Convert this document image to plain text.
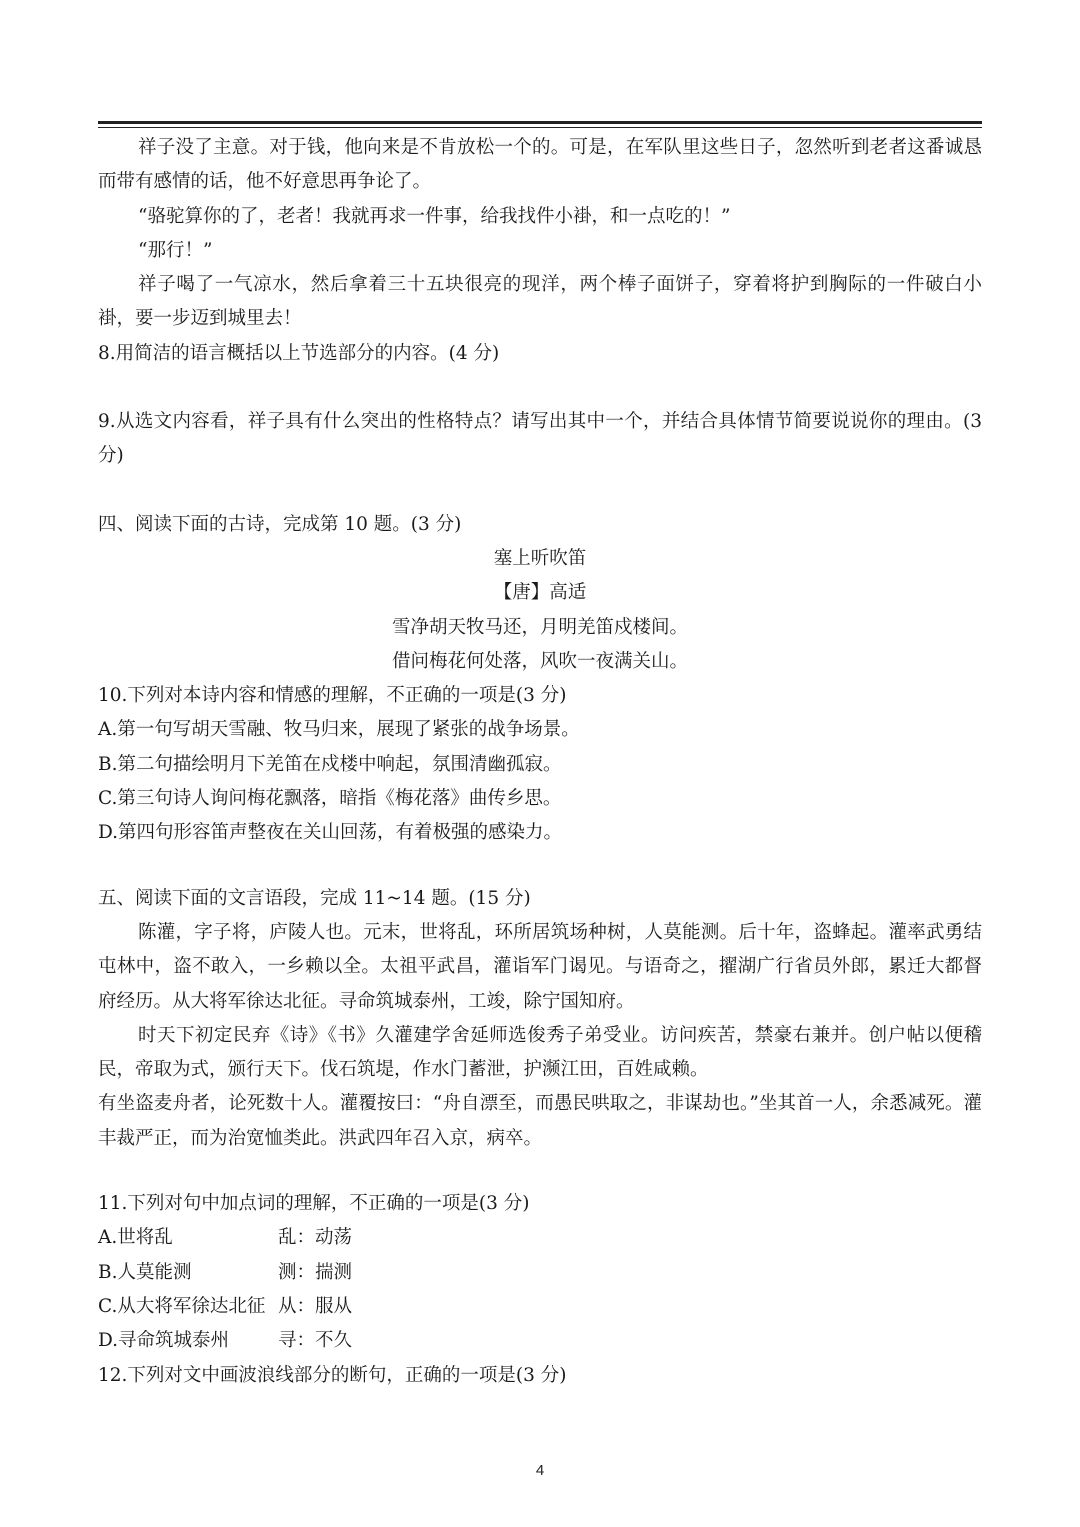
祥子没了主意。对于钱，他向来是不肯放松一个的。可是，在军队里这些日子，忽然听到老者这番诚恳而带有感情的话，他不好意思再争论了。

“骆驼算你的了，老者！我就再求一件事，给我找件小褂，和一点吃的！”

“那行！”

祥子喝了一气凉水，然后拿着三十五块很亮的现洋，两个棒子面饼子，穿着将护到胸际的一件破白小褂，要一步迈到城里去！

8.用简洁的语言概括以上节选部分的内容。(4 分)

9.从选文内容看，祥子具有什么突出的性格特点？请写出其中一个，并结合具体情节简要说说你的理由。(3 分)

四、阅读下面的古诗，完成第 10 题。(3 分)

塞上听吹笛

【唐】高适

雪净胡天牧马还，月明羌笛戍楼间。

借问梅花何处落，风吹一夜满关山。

10.下列对本诗内容和情感的理解，不正确的一项是(3 分)

A.第一句写胡天雪融、牧马归来，展现了紧张的战争场景。

B.第二句描绘明月下羌笛在戍楼中响起，氛围清幽孤寂。

C.第三句诗人询问梅花飘落，暗指《梅花落》曲传乡思。

D.第四句形容笛声整夜在关山回荡，有着极强的感染力。

五、阅读下面的文言语段，完成 11~14 题。(15 分)

陈灌，字子将，庐陵人也。元末，世将乱，环所居筑场种树，人莫能测。后十年，盗蜂起。灌率武勇结屯林中，盗不敢入，一乡赖以全。太祖平武昌，灌诣军门谒见。与语奇之，擢湖广行省员外郎，累迁大都督府经历。从大将军徐达北征。寻命筑城泰州，工竣，除宁国知府。

时天下初定民弃《诗》《书》久灌建学舍延师选俊秀子弟受业。访问疾苦，禁豪右兼并。创户帖以便稽民，帝取为式，颁行天下。伐石筑堤，作水门蓄泄，护濒江田，百姓咸赖。

有坐盗麦舟者，论死数十人。灌覆按曰：“舟自漂至，而愚民哄取之，非谋劫也。”坐其首一人，余悉减死。灌丰裁严正，而为治宽恤类此。洪武四年召入京，病卒。

11.下列对句中加点词的理解，不正确的一项是(3 分)

A.世将乱	乱：动荡
B.人莫能测	测：揣测
C.从大将军徐达北征 从：服从
D.寻命筑城泰州	寻：不久

12.下列对文中画波浪线部分的断句，正确的一项是(3 分)

4
